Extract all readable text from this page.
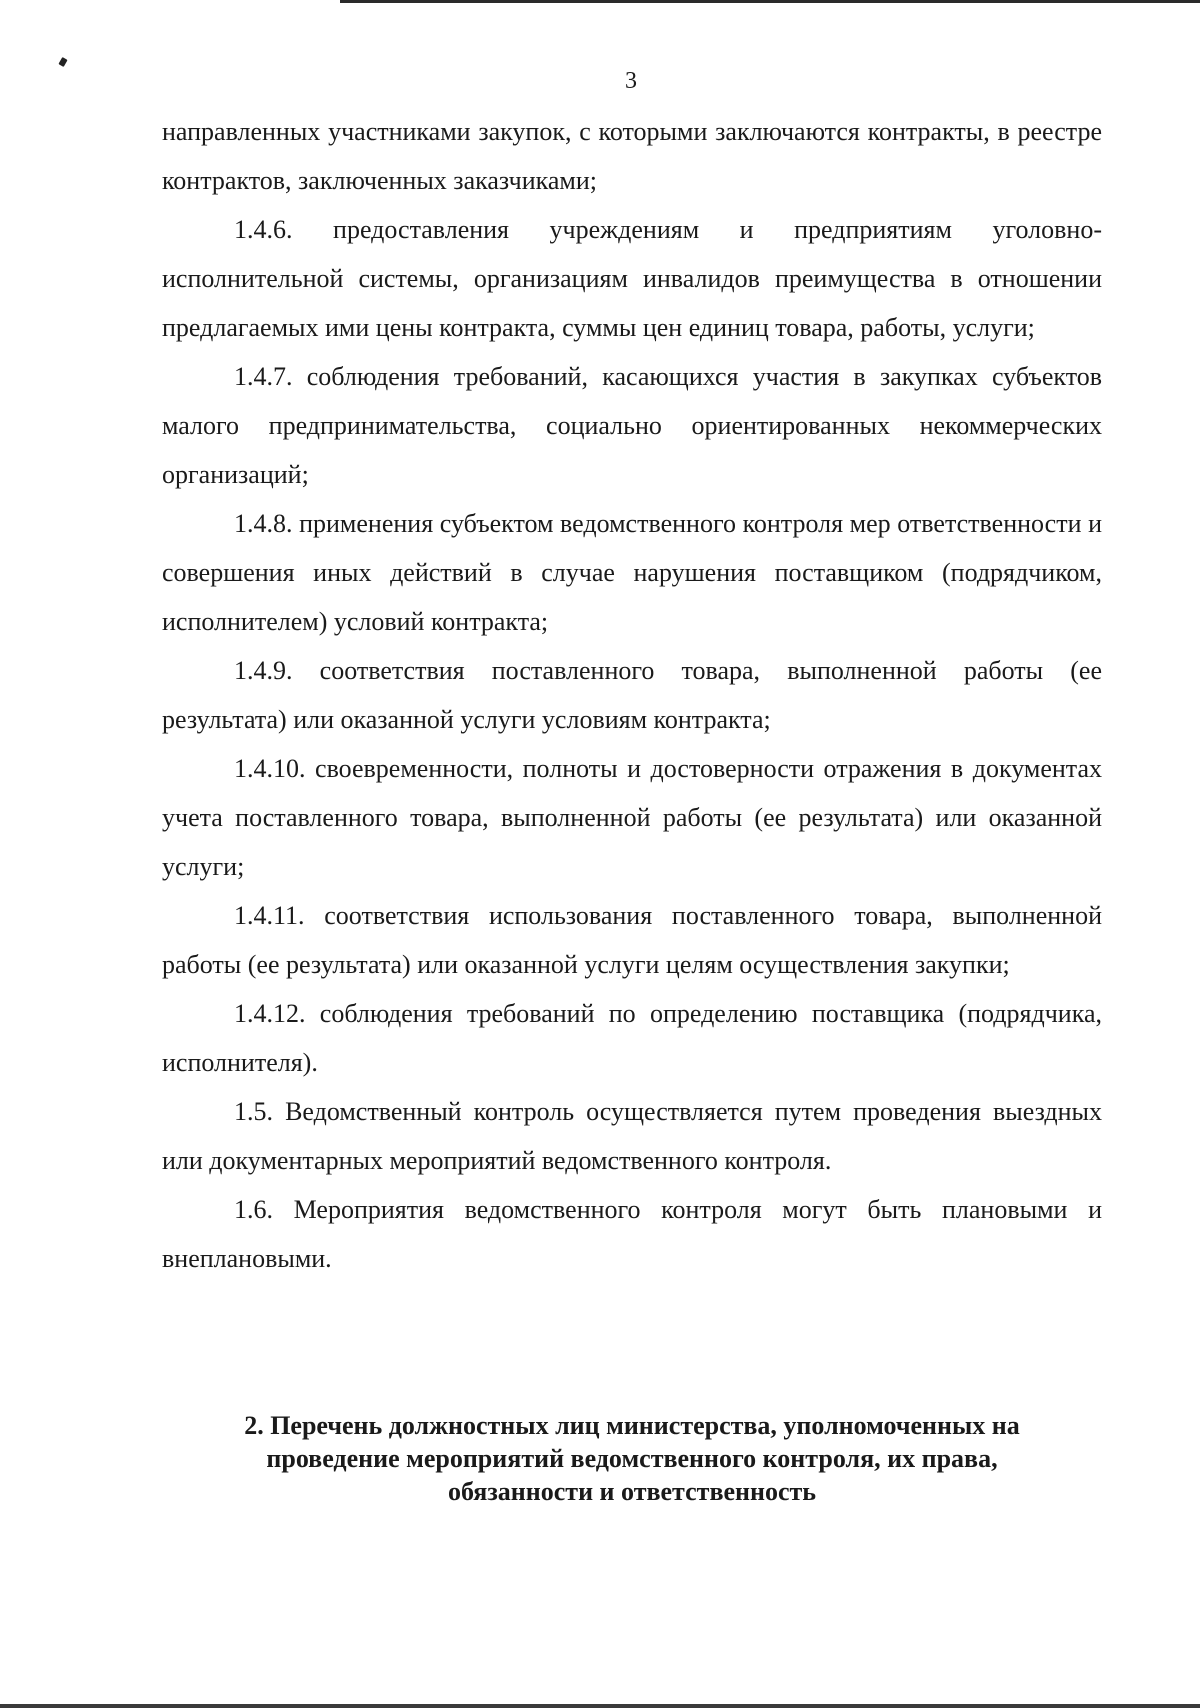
3

направленных участниками закупок, с которыми заключаются контракты, в реестре контрактов, заключенных заказчиками;

1.4.6. предоставления учреждениям и предприятиям уголовно-исполнительной системы, организациям инвалидов преимущества в отношении предлагаемых ими цены контракта, суммы цен единиц товара, работы, услуги;

1.4.7. соблюдения требований, касающихся участия в закупках субъектов малого предпринимательства, социально ориентированных некоммерческих организаций;

1.4.8. применения субъектом ведомственного контроля мер ответственности и совершения иных действий в случае нарушения поставщиком (подрядчиком, исполнителем) условий контракта;

1.4.9. соответствия поставленного товара, выполненной работы (ее результата) или оказанной услуги условиям контракта;

1.4.10. своевременности, полноты и достоверности отражения в документах учета поставленного товара, выполненной работы (ее результата) или оказанной услуги;

1.4.11. соответствия использования поставленного товара, выполненной работы (ее результата) или оказанной услуги целям осуществления закупки;

1.4.12. соблюдения требований по определению поставщика (подрядчика, исполнителя).

1.5. Ведомственный контроль осуществляется путем проведения выездных или документарных мероприятий ведомственного контроля.

1.6. Мероприятия ведомственного контроля могут быть плановыми и внеплановыми.

2. Перечень должностных лиц министерства, уполномоченных на
проведение мероприятий ведомственного контроля, их права,
обязанности и ответственность
